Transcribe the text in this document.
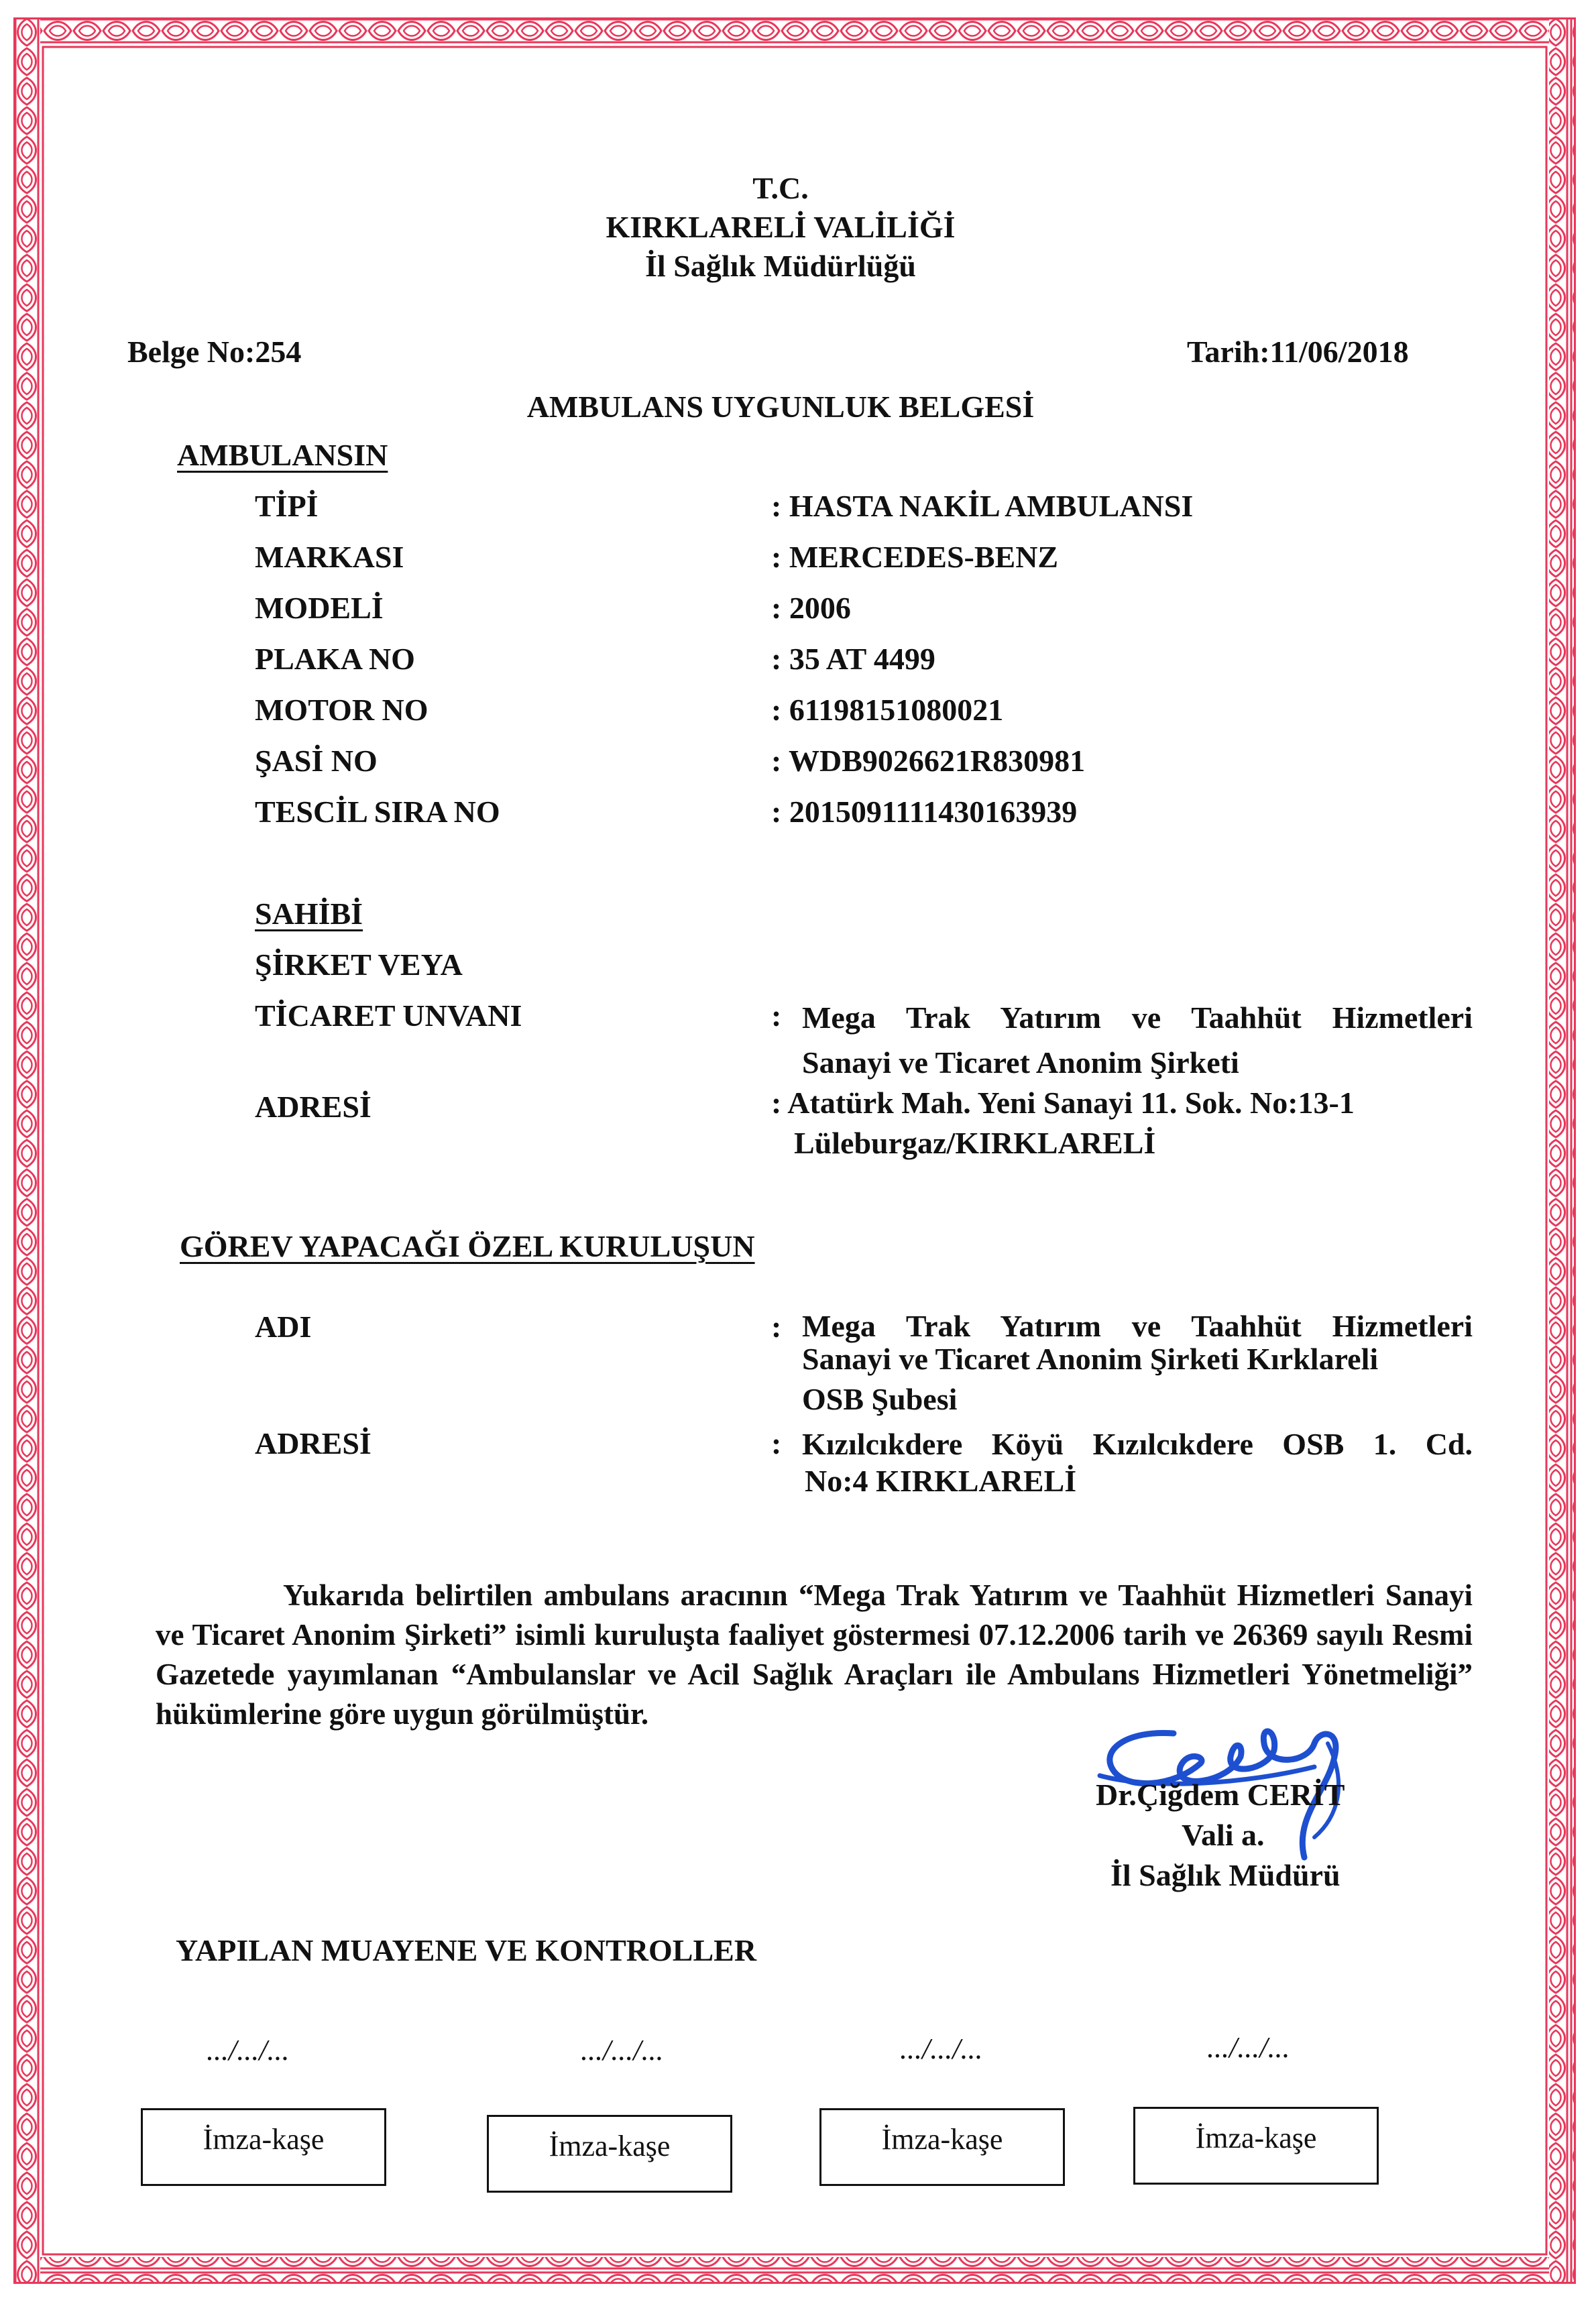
T.C.
KIRKLARELİ VALİLİĞİ
İl Sağlık Müdürlüğü
Belge No:254	Tarih:11/06/2018
AMBULANS UYGUNLUK BELGESİ
AMBULANSIN
TİPİ	: HASTA NAKİL AMBULANSI
MARKASI	: MERCEDES-BENZ
MODELİ	: 2006
PLAKA NO	: 35 AT 4499
MOTOR NO	: 61198151080021
ŞASİ NO	: WDB9026621R830981
TESCİL SIRA NO	: 2015091111430163939
SAHİBİ
ŞİRKET VEYA
TİCARET UNVANI	: Mega Trak Yatırım ve Taahhüt Hizmetleri
Sanayi ve Ticaret Anonim Şirketi
ADRESİ	: Atatürk Mah. Yeni Sanayi 11. Sok. No:13-1
Lüleburgaz/KIRKLARELİ
GÖREV YAPACAĞI ÖZEL KURULUŞUN
ADI	: Mega Trak Yatırım ve Taahhüt Hizmetleri
Sanayi ve Ticaret Anonim Şirketi Kırklareli
OSB Şubesi
ADRESİ	: Kızılcıkdere Köyü Kızılcıkdere OSB 1. Cd.
No:4 KIRKLARELİ
Yukarıda belirtilen ambulans aracının “Mega Trak Yatırım ve Taahhüt Hizmetleri Sanayi ve Ticaret Anonim Şirketi” isimli kuruluşta faaliyet göstermesi 07.12.2006 tarih ve 26369 sayılı Resmi Gazetede yayımlanan “Ambulanslar ve Acil Sağlık Araçları ile Ambulans Hizmetleri Yönetmeliği” hükümlerine göre uygun görülmüştür.
Dr.Çiğdem CERİT
Vali a.
İl Sağlık Müdürü
YAPILAN MUAYENE VE KONTROLLER
.../.../...	.../.../...	.../.../...	.../.../...
İmza-kaşe	İmza-kaşe	İmza-kaşe	İmza-kaşe
